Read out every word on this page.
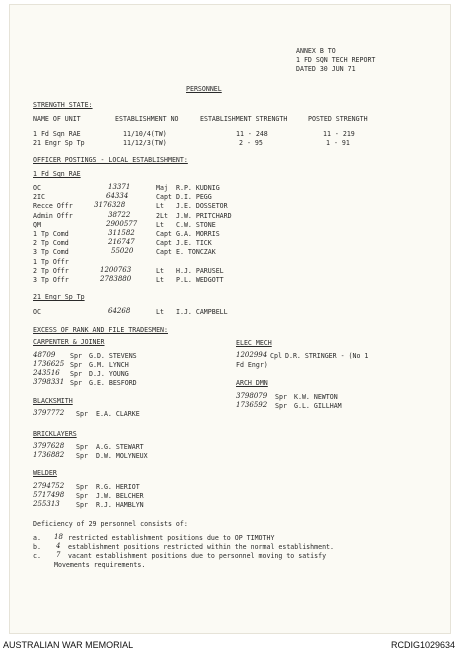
ANNEX B TO
1 FD SQN TECH REPORT
DATED 30 JUN 71
PERSONNEL
STRENGTH STATE:
NAME OF UNIT	ESTABLISHMENT NO	ESTABLISHMENT STRENGTH	POSTED STRENGTH
1 Fd Sqn RAE	11/10/4(TW)	11 - 248	11 - 219
21 Engr Sp Tp	11/12/3(TW)	2 - 95	1 - 91
OFFICER POSTINGS - LOCAL ESTABLISHMENT:
1 Fd Sqn RAE
OC	13371	Maj R.P. KUDNIG
2IC	64334	Capt D.I. PEGG
Recce Offr	3176328	Lt J.E. DOSSETOR
Admin Offr	38722	2Lt J.W. PRITCHARD
QM	2900577	Lt C.W. STONE
1 Tp Comd	311582	Capt G.A. MORRIS
2 Tp Comd	216747	Capt J.E. TICK
3 Tp Comd	55020	Capt E. TONCZAK
1 Tp Offr
2 Tp Offr	1200763	Lt H.J. PARUSEL
3 Tp Offr	2783880	Lt P.L. WEDGOTT
21 Engr Sp Tp
OC	64268	Lt I.J. CAMPBELL
EXCESS OF RANK AND FILE TRADESMEN:
CARPENTER & JOINER
48709 Spr G.D. STEVENS
1736625 Spr G.M. LYNCH
243516 Spr D.J. YOUNG
3798331 Spr G.E. BESFORD
BLACKSMITH
3797772 Spr E.A. CLARKE
BRICKLAYERS
3797628 Spr A.G. STEWART
1736882 Spr D.W. MOLYNEUX
WELDER
2794752 Spr R.G. HERIOT
5717498 Spr J.W. BELCHER
255313 Spr R.J. HAMBLYN
ELEC MECH
1202994 Cpl D.R. STRINGER - (No 1
Fd Engr)
ARCH DMN
3798079 Spr K.W. NEWTON
1736592 Spr G.L. GILLHAM
Deficiency of 29 personnel consists of:
a. 18 restricted establishment positions due to OP TIMOTHY
b. 4 establishment positions restricted within the normal establishment.
c. 7 vacant establishment positions due to personnel moving to satisfy
Movements requirements.
AUSTRALIAN WAR MEMORIAL	RCDIG1029634
